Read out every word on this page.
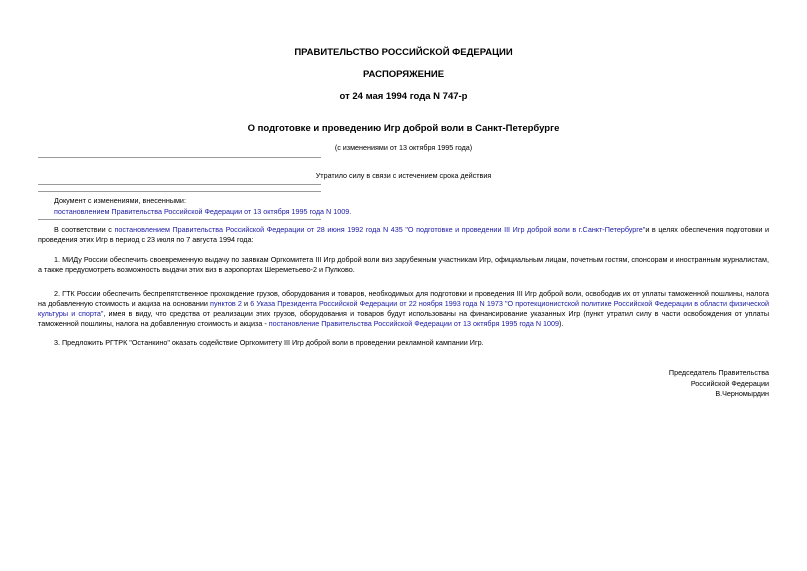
ПРАВИТЕЛЬСТВО РОССИЙСКОЙ ФЕДЕРАЦИИ
РАСПОРЯЖЕНИЕ
от 24 мая 1994 года N 747-р
О подготовке и проведению Игр доброй воли в Санкт-Петербурге
(с изменениями от 13 октября 1995 года)
Утратило силу в связи с истечением срока действия
Документ с изменениями, внесенными:
постановлением Правительства Российской Федерации от 13 октября 1995 года N 1009.
В соответствии с постановлением Правительства Российской Федерации от 28 июня 1992 года N 435 "О подготовке и проведении III Игр доброй воли в г.Санкт-Петербурге"и в целях обеспечения подготовки и проведения этих Игр в период с 23 июля по 7 августа 1994 года:
1. МИДу России обеспечить своевременную выдачу по заявкам Оргкомитета III Игр доброй воли виз зарубежным участникам Игр, официальным лицам, почетным гостям, спонсорам и иностранным журналистам, а также предусмотреть возможность выдачи этих виз в аэропортах Шереметьево-2 и Пулково.
2. ГТК России обеспечить беспрепятственное прохождение грузов, оборудования и товаров, необходимых для подготовки и проведения III Игр доброй воли, освободив их от уплаты таможенной пошлины, налога на добавленную стоимость и акциза на основании пунктов 2 и 6 Указа Президента Российской Федерации от 22 ноября 1993 года N 1973 "О протекционистской политике Российской Федерации в области физической культуры и спорта", имея в виду, что средства от реализации этих грузов, оборудования и товаров будут использованы на финансирование указанных Игр (пункт утратил силу в части освобождения от уплаты таможенной пошлины, налога на добавленную стоимость и акциза - постановление Правительства Российской Федерации от 13 октября 1995 года N 1009).
3. Предложить РГТРК "Останкино" оказать содействие Оргкомитету III Игр доброй воли в проведении рекламной кампании Игр.
Председатель Правительства
Российской Федерации
В.Черномырдин
